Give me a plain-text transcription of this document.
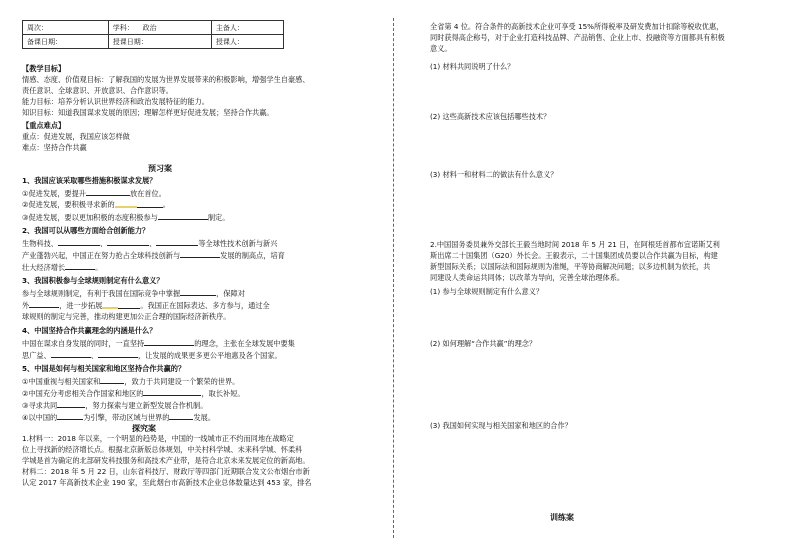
周次：	学科： 政治	主备人：
备课日期：	授课日期：	授课人：
【教学目标】
情感、态度、价值观目标：了解我国的发展为世界发展带来的积极影响，增强学生自豪感、
责任意识、全球意识、开放意识、合作意识等。
能力目标：培养分析认识世界经济和政治发展特征的能力。
知识目标：知道我国谋求发展的原因；理解怎样更好促进发展；坚持合作共赢。
【重点难点】
重点：促进发展，我国应该怎样做
难点：坚持合作共赢
预习案
1、我国应该采取哪些措施积极谋求发展？
①促进发展，要提升	放在首位。
②促进发展，要积极寻求新的	。
③促进发展，要以更加积极的态度积极参与	制定。
2、我国可以从哪些方面给合创新能力？
生物科技、	、	、	等全球性技术创新与新兴
产业蓬勃兴起，中国正在努力抢占全球科技创新与	发展的制高点，培育
壮大经济增长	。
3、我国积极参与全球规则制定有什么意义？
参与全球规则制定，有利于我国在国际竞争中掌握	，保障对
外	，进一步拓展	。我国正在国际表达、多方参与，通过全
球规则的制定与完善，推动构建更加公正合理的国际经济新秩序。
4、中国坚持合作共赢理念的内涵是什么？
中国在谋求自身发展的同时，一直坚持	的理念，主张在全球发展中要集
思广益、	、	，让发展的成果更多更公平地惠及各个国家。
5、中国是如何与相关国家和地区坚持合作共赢的？
①中国重视与相关国家和	，致力于共同建设一个繁荣的世界。
②中国充分考虑相关合作国家和地区的	，取长补短。
③寻求共同	，努力探索与建立新型发展合作机制。
④以中国的	为引擎，带动区域与世界的	发展。
探究案
1.材料一：2018 年以来，一个明显的趋势是，中国的一线城市正不约而同地在战略定
位上寻找新的经济增长点。根据北京新版总体规划，中关村科学城、未来科学城、怀柔科
学城是首为确定的北部研发科技服务和高技术产业带，是符合北京未来发展定位的新高地。
材料二：2018 年 5 月 22 日，山东省科技厅、财政厅等四部门近期联合发文公布烟台市新
认定 2017 年高新技术企业 190 家，至此烟台市高新技术企业总体数量达到 453 家，排名
全省第 4 位。符合条件的高新技术企业可享受 15%所得税率及研发费加计扣除等税收优惠，
同时获得高企称号，对于企业打造科技品牌、产品销售、企业上市、投融资等方面都具有积极
意义。
(1) 材料共同说明了什么？
(2) 这些高新技术应该包括哪些技术？
(3) 材料一和材料二的做法有什么意义？
2.中国国务委员兼外交部长王毅当地时间 2018 年 5 月 21 日，在阿根廷首都布宜诺斯艾利
斯出席二十国集团（G20）外长会。王毅表示，二十国集团成员要以合作共赢为目标，构建
新型国际关系；以国际法和国际规则为准绳，平等协商解决问题；以多边机制为依托，共
同建设人类命运共同体；以改革为导向，完善全球治理体系。
(1) 参与全球规则制定有什么意义？
(2) 如何理解“合作共赢”的理念？
(3) 我国如何实现与相关国家和地区的合作？
训练案
